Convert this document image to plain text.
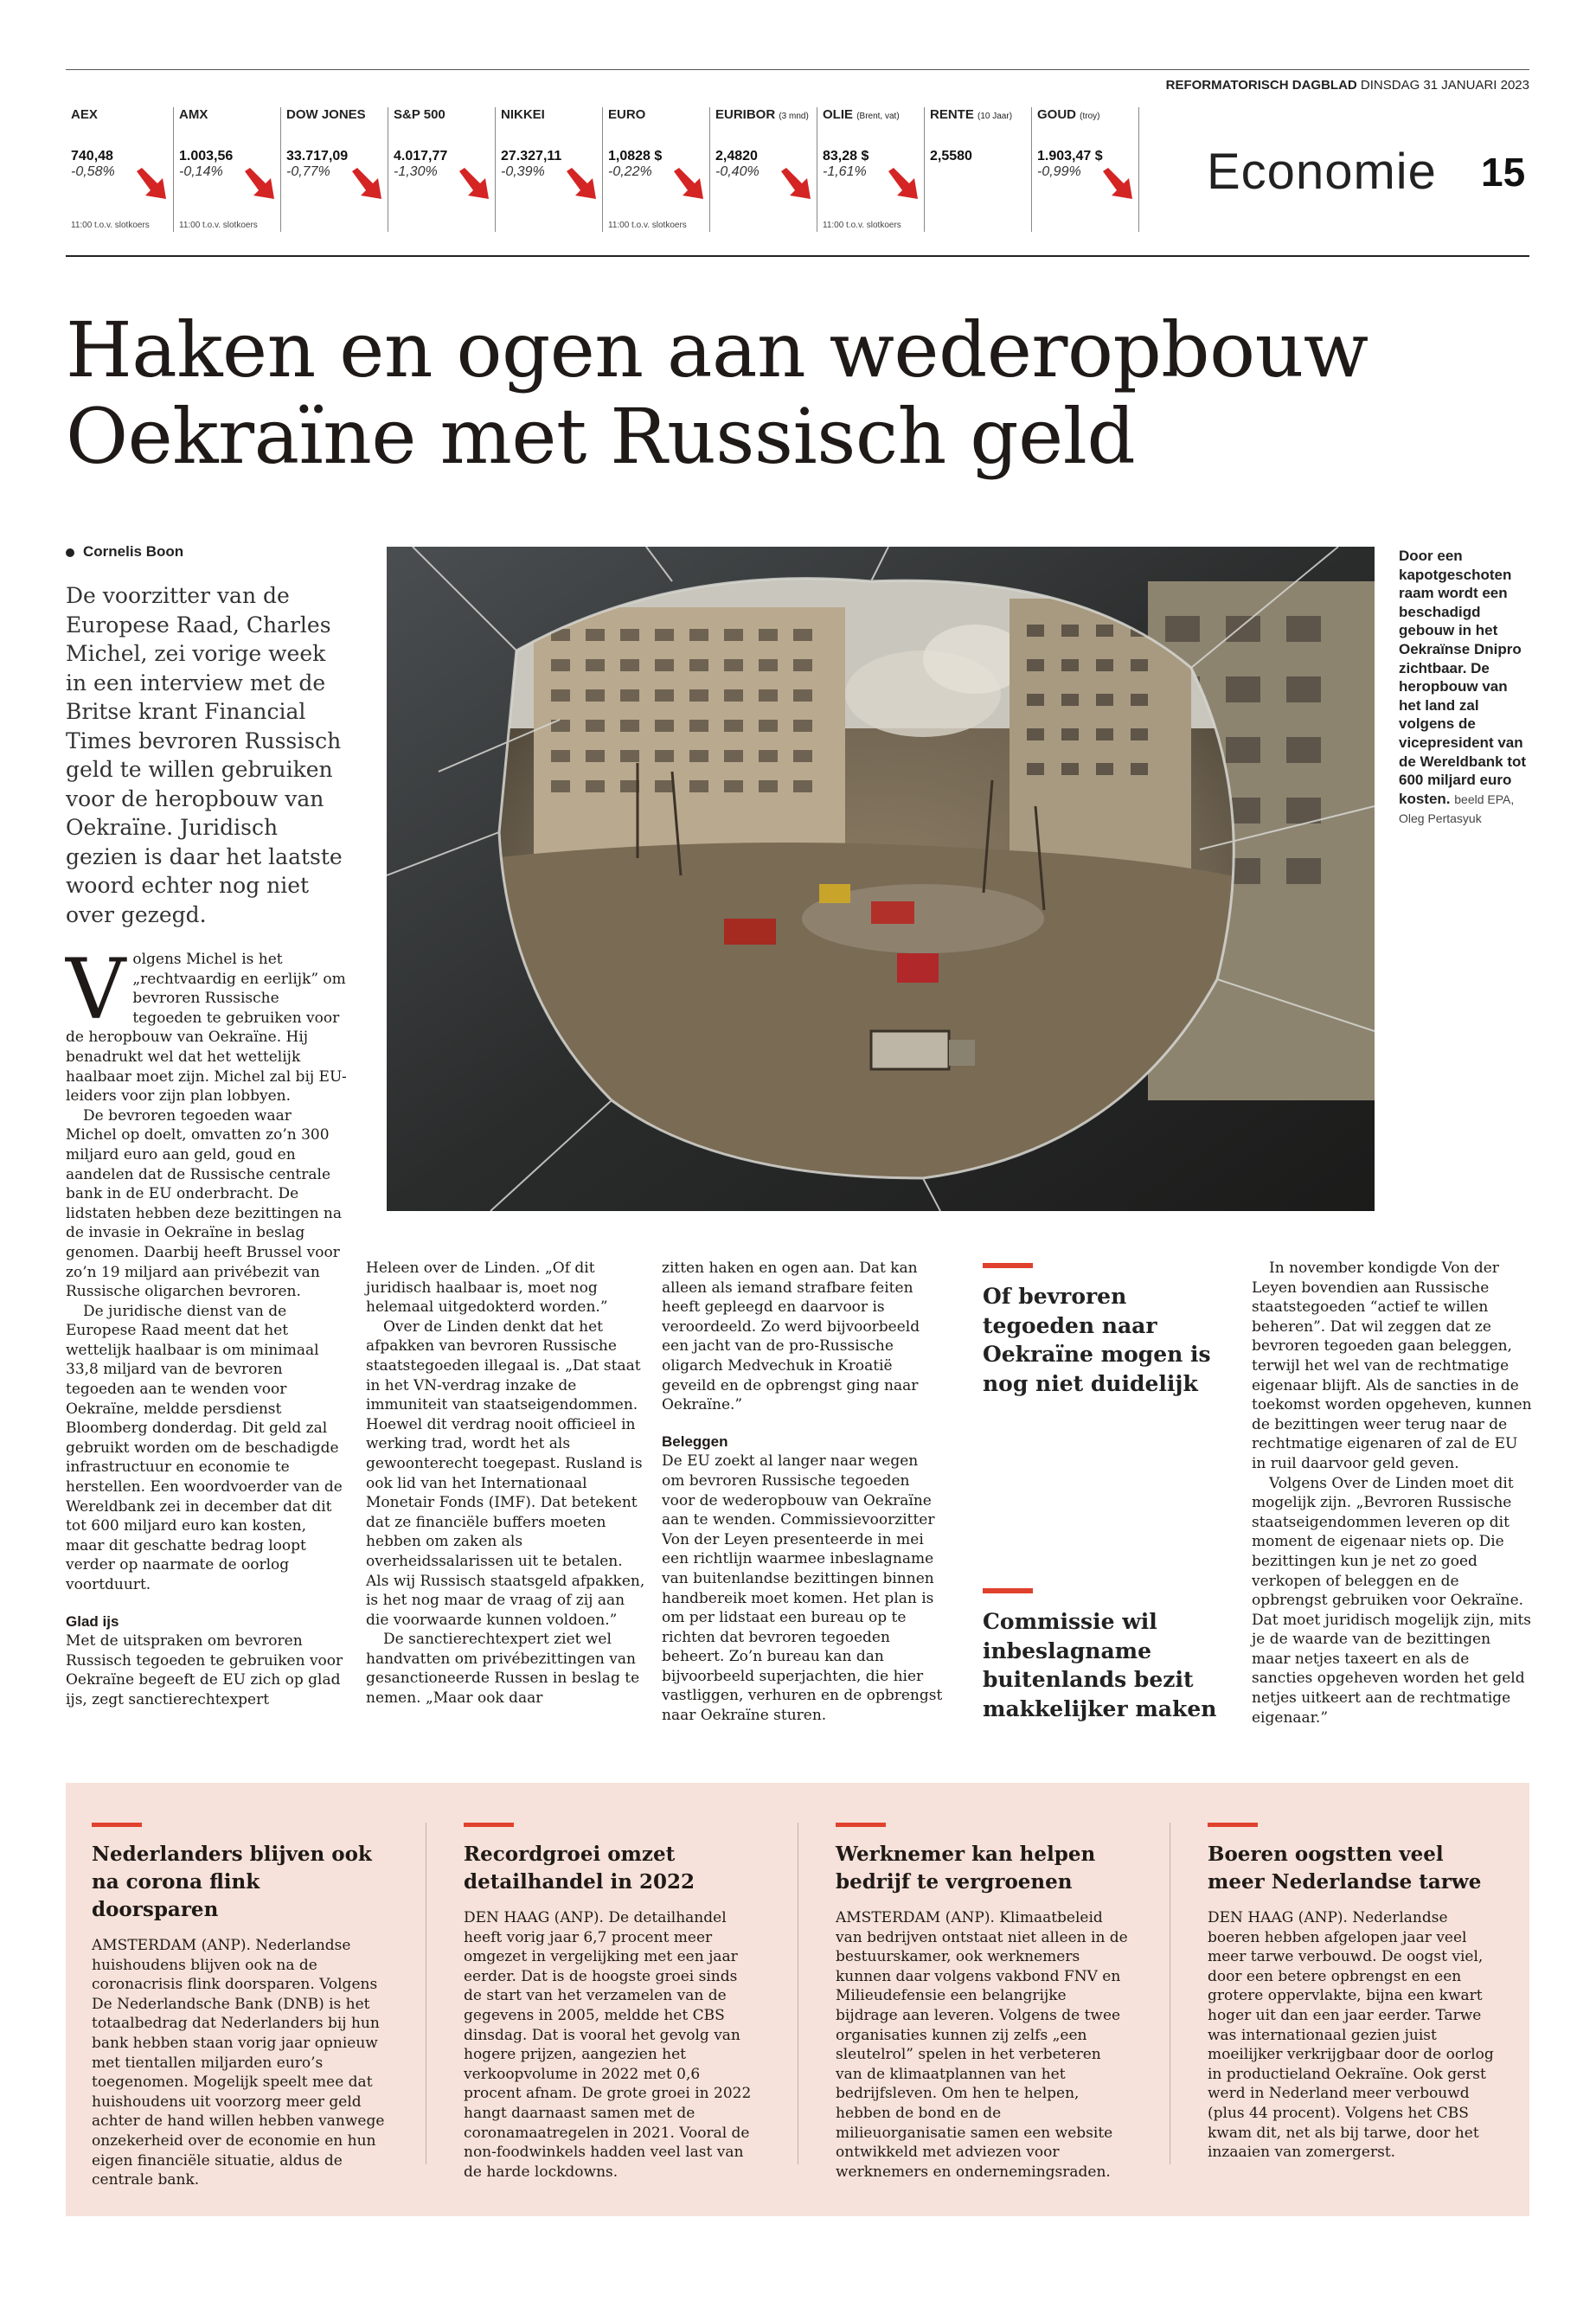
REFORMATORISCH DAGBLAD DINSDAG 31 JANUARI 2023
AEX
740,48
-0,58%
11:00 t.o.v. slotkoers
AMX
1.003,56
-0,14%
11:00 t.o.v. slotkoers
DOW JONES
33.717,09
-0,77%
S&P 500
4.017,77
-1,30%
NIKKEI
27.327,11
-0,39%
EURO
1,0828 $
-0,22%
11:00 t.o.v. slotkoers
EURIBOR (3 mnd)
2,4820
-0,40%
OLIE (Brent, vat)
83,28 $
-1,61%
11:00 t.o.v. slotkoers
RENTE (10 Jaar)
2,5580
GOUD (troy)
1.903,47 $
-0,99%	Economie 15
Haken en ogen aan wederopbouw
Oekraïne met Russisch geld
Cornelis Boon
De voorzitter van de Europese Raad, Charles Michel, zei vorige week in een interview met de Britse krant Financial Times bevroren Russisch geld te willen gebruiken voor de heropbouw van Oekraïne. Juridisch gezien is daar het laatste woord echter nog niet over gezegd.

Volgens Michel is het „rechtvaardig en eerlijk” om bevroren Russische tegoeden te gebruiken voor de heropbouw van Oekraïne. Hij benadrukt wel dat het wettelijk haalbaar moet zijn. Michel zal bij EU-leiders voor zijn plan lobbyen.

De bevroren tegoeden waar Michel op doelt, omvatten zo’n 300 miljard euro aan geld, goud en aandelen dat de Russische centrale bank in de EU onderbracht. De lidstaten hebben deze bezittingen na de invasie in Oekraïne in beslag genomen. Daarbij heeft Brussel voor zo’n 19 miljard aan privébezit van Russische oligarchen bevroren.

De juridische dienst van de Europese Raad meent dat het wettelijk haalbaar is om minimaal 33,8 miljard van de bevroren tegoeden aan te wenden voor Oekraïne, meldde persdienst Bloomberg donderdag. Dit geld zal gebruikt worden om de beschadigde infrastructuur en economie te herstellen. Een woordvoerder van de Wereldbank zei in december dat dit tot 600 miljard euro kan kosten, maar dit geschatte bedrag loopt verder op naarmate de oorlog voortduurt.

Glad ijs

Met de uitspraken om bevroren Russisch tegoeden te gebruiken voor Oekraïne begeeft de EU zich op glad ijs, zegt sanctierechtexpert

Door een kapotgeschoten raam wordt een beschadigd gebouw in het Oekraïnse Dnipro zichtbaar. De heropbouw van het land zal volgens de vicepresident van de Wereldbank tot 600 miljard euro kosten. beeld EPA, Oleg Pertasyuk

Heleen over de Linden. „Of dit juridisch haalbaar is, moet nog helemaal uitgedokterd worden.”

Over de Linden denkt dat het afpakken van bevroren Russische staatstegoeden illegaal is. „Dat staat in het VN-verdrag inzake de immuniteit van staatseigendommen. Hoewel dit verdrag nooit officieel in werking trad, wordt het als gewoonterecht toegepast. Rusland is ook lid van het Internationaal Monetair Fonds (IMF). Dat betekent dat ze financiële buffers moeten hebben om zaken als overheidssalarissen uit te betalen. Als wij Russisch staatsgeld afpakken, is het nog maar de vraag of zij aan die voorwaarde kunnen voldoen.”

De sanctierechtexpert ziet wel handvatten om privébezittingen van gesanctioneerde Russen in beslag te nemen. „Maar ook daar

zitten haken en ogen aan. Dat kan alleen als iemand strafbare feiten heeft gepleegd en daarvoor is veroordeeld. Zo werd bijvoorbeeld een jacht van de pro-Russische oligarch Medvechuk in Kroatië geveild en de opbrengst ging naar Oekraïne.”

Beleggen

De EU zoekt al langer naar wegen om bevroren Russische tegoeden voor de wederopbouw van Oekraïne aan te wenden. Commissievoorzitter Von der Leyen presenteerde in mei een richtlijn waarmee inbeslagname van buitenlandse bezittingen binnen handbereik moet komen. Het plan is om per lidstaat een bureau op te richten dat bevroren tegoeden beheert. Zo’n bureau kan dan bijvoorbeeld superjachten, die hier vastliggen, verhuren en de opbrengst naar Oekraïne sturen.

Of bevroren tegoeden naar Oekraïne mogen is nog niet duidelijk
Commissie wil inbeslagname buitenlands bezit makkelijker maken

In november kondigde Von der Leyen bovendien aan Russische staatstegoeden “actief te willen beheren”. Dat wil zeggen dat ze bevroren tegoeden gaan beleggen, terwijl het wel van de rechtmatige eigenaar blijft. Als de sancties in de toekomst worden opgeheven, kunnen de bezittingen weer terug naar de rechtmatige eigenaren of zal de EU in ruil daarvoor geld geven.

Volgens Over de Linden moet dit mogelijk zijn. „Bevroren Russische staatseigendommen leveren op dit moment de eigenaar niets op. Die bezittingen kun je net zo goed verkopen of beleggen en de opbrengst gebruiken voor Oekraïne. Dat moet juridisch mogelijk zijn, mits je de waarde van de bezittingen maar netjes taxeert en als de sancties opgeheven worden het geld netjes uitkeert aan de rechtmatige eigenaar.”

Nederlanders blijven ook na corona flink doorsparen

AMSTERDAM (ANP). Nederlandse huishoudens blijven ook na de coronacrisis flink doorsparen. Volgens De Nederlandsche Bank (DNB) is het totaalbedrag dat Nederlanders bij hun bank hebben staan vorig jaar opnieuw met tientallen miljarden euro’s toegenomen. Mogelijk speelt mee dat huishoudens uit voorzorg meer geld achter de hand willen hebben vanwege onzekerheid over de economie en hun eigen financiële situatie, aldus de centrale bank.

Recordgroei omzet detailhandel in 2022

DEN HAAG (ANP). De detailhandel heeft vorig jaar 6,7 procent meer omgezet in vergelijking met een jaar eerder. Dat is de hoogste groei sinds de start van het verzamelen van de gegevens in 2005, meldde het CBS dinsdag. Dat is vooral het gevolg van hogere prijzen, aangezien het verkoopvolume in 2022 met 0,6 procent afnam. De grote groei in 2022 hangt daarnaast samen met de coronamaatregelen in 2021. Vooral de non-foodwinkels hadden veel last van de harde lockdowns.

Werknemer kan helpen bedrijf te vergroenen

AMSTERDAM (ANP). Klimaatbeleid van bedrijven ontstaat niet alleen in de bestuurskamer, ook werknemers kunnen daar volgens vakbond FNV en Milieudefensie een belangrijke bijdrage aan leveren. Volgens de twee organisaties kunnen zij zelfs „een sleutelrol” spelen in het verbeteren van de klimaatplannen van het bedrijfsleven. Om hen te helpen, hebben de bond en de milieuorganisatie samen een website ontwikkeld met adviezen voor werknemers en ondernemingsraden.

Boeren oogstten veel meer Nederlandse tarwe

DEN HAAG (ANP). Nederlandse boeren hebben afgelopen jaar veel meer tarwe verbouwd. De oogst viel, door een betere opbrengst en een grotere oppervlakte, bijna een kwart hoger uit dan een jaar eerder. Tarwe was internationaal gezien juist moeilijker verkrijgbaar door de oorlog in productieland Oekraïne. Ook gerst werd in Nederland meer verbouwd (plus 44 procent). Volgens het CBS kwam dit, net als bij tarwe, door het inzaaien van zomergerst.
